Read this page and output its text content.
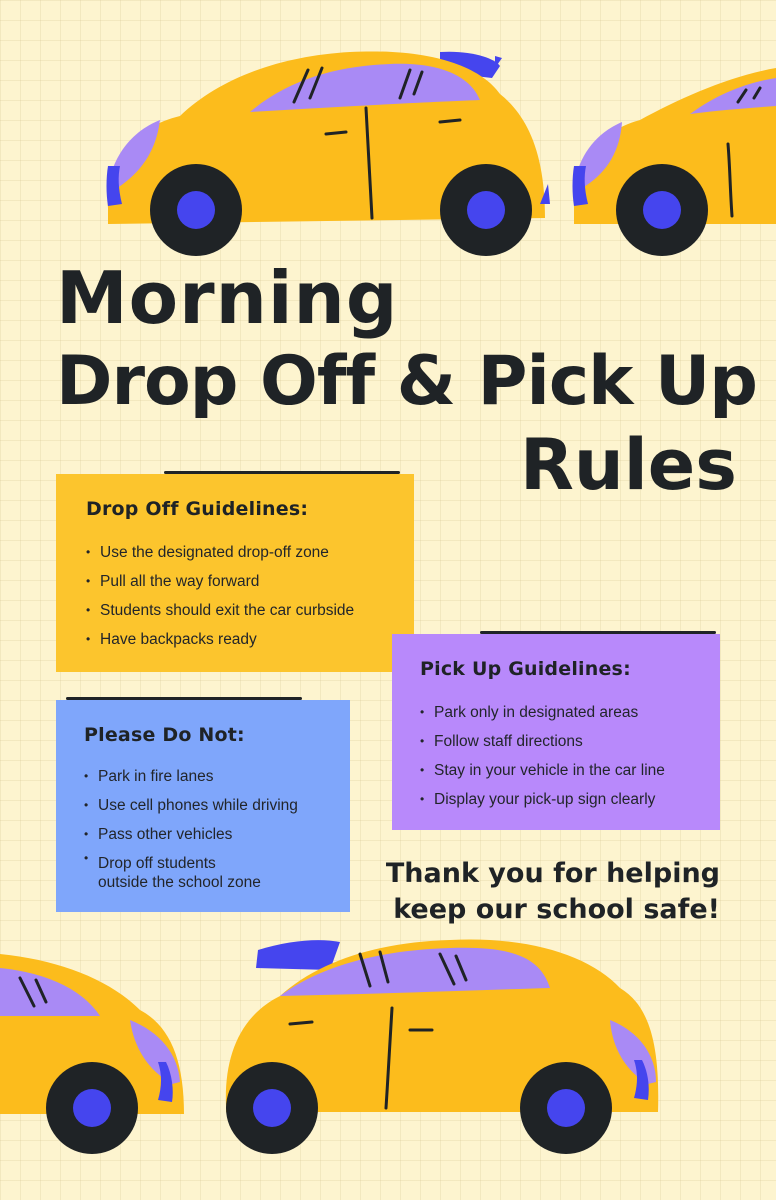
Morning
Drop Off & Pick Up
Rules
Drop Off Guidelines:
• Use the designated drop-off zone
• Pull all the way forward
• Students should exit the car curbside
• Have backpacks ready
Please Do Not:
• Park in fire lanes
• Use cell phones while driving
• Pass other vehicles
• Drop off students
outside the school zone
Pick Up Guidelines:
• Park only in designated areas
• Follow staff directions
• Stay in your vehicle in the car line
• Display your pick-up sign clearly

Thank you for helping
keep our school safe!
